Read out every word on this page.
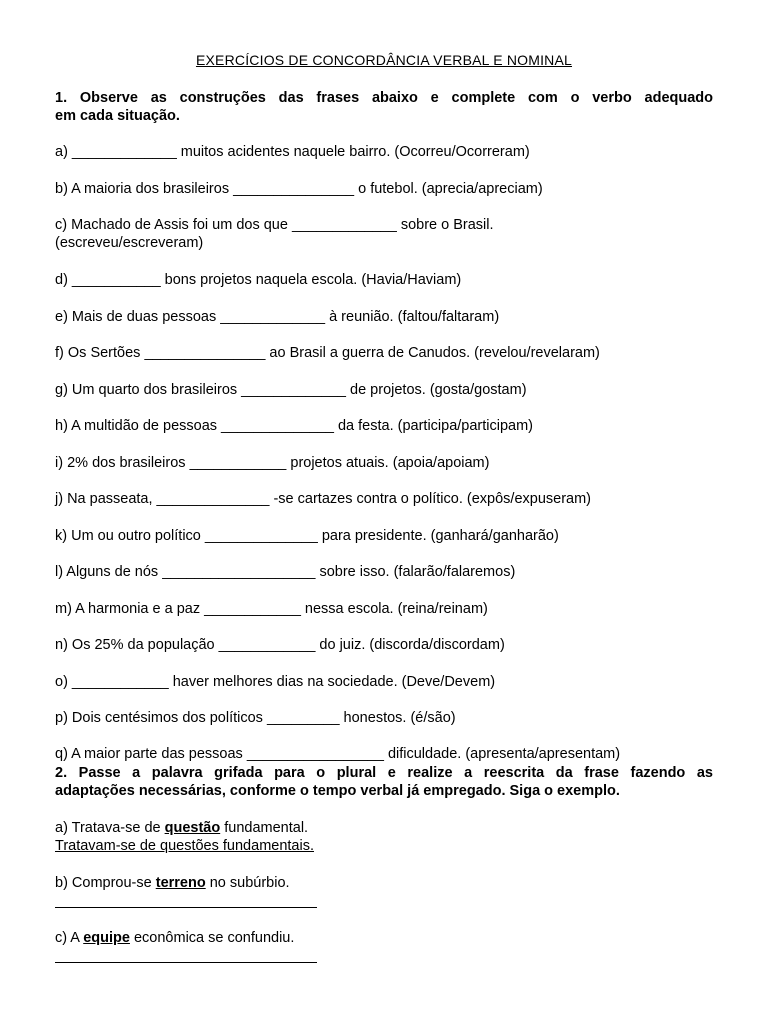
EXERCÍCIOS DE CONCORDÂNCIA VERBAL E NOMINAL
1. Observe as construções das frases abaixo e complete com o verbo adequado
em cada situação.
a) _____________ muitos acidentes naquele bairro. (Ocorreu/Ocorreram)
b) A maioria dos brasileiros _______________ o futebol. (aprecia/apreciam)
c) Machado de Assis foi um dos que _____________ sobre o Brasil.
(escreveu/escreveram)
d) ___________ bons projetos naquela escola. (Havia/Haviam)
e) Mais de duas pessoas _____________ à reunião. (faltou/faltaram)
f) Os Sertões _______________ ao Brasil a guerra de Canudos. (revelou/revelaram)
g) Um quarto dos brasileiros _____________ de projetos. (gosta/gostam)
h) A multidão de pessoas ______________ da festa. (participa/participam)
i) 2% dos brasileiros ____________ projetos atuais. (apoia/apoiam)
j) Na passeata, ______________ -se cartazes contra o político. (expôs/expuseram)
k) Um ou outro político ______________ para presidente. (ganhará/ganharão)
l) Alguns de nós ___________________ sobre isso. (falarão/falaremos)
m) A harmonia e a paz ____________ nessa escola. (reina/reinam)
n) Os 25% da população ____________ do juiz. (discorda/discordam)
o) ____________ haver melhores dias na sociedade. (Deve/Devem)
p) Dois centésimos dos políticos _________ honestos. (é/são)
q) A maior parte das pessoas _________________ dificuldade. (apresenta/apresentam)
2. Passe a palavra grifada para o plural e realize a reescrita da frase fazendo as
adaptações necessárias, conforme o tempo verbal já empregado. Siga o exemplo.
a) Tratava-se de questão fundamental.
Tratavam-se de questões fundamentais.
b) Comprou-se terreno no subúrbio.
c) A equipe econômica se confundiu.
